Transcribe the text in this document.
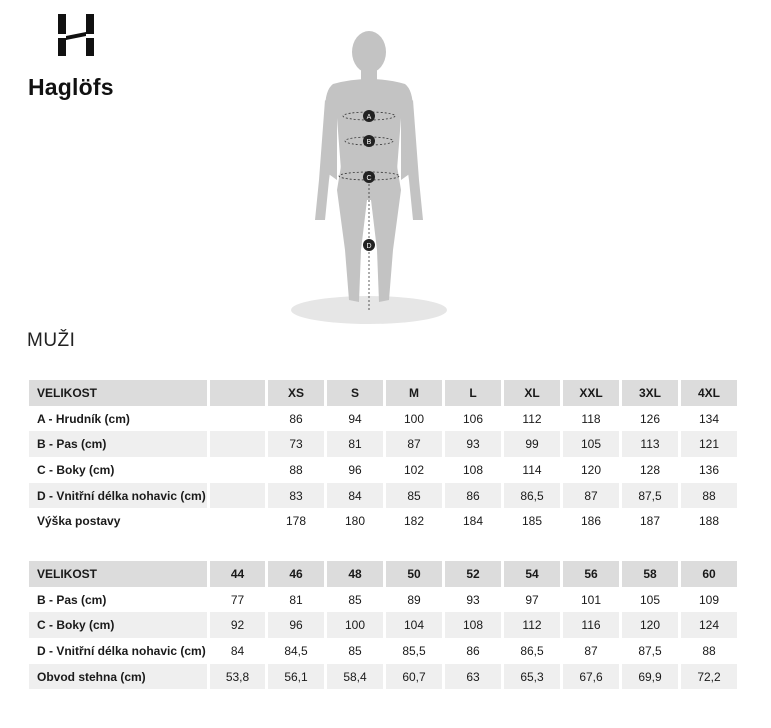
Haglöfs
A
B
C
D
MUŽI
VELIKOST		XS	S	M	L	XL	XXL	3XL	4XL
A - Hrudník (cm)		86	94	100	106	112	118	126	134
B - Pas (cm)		73	81	87	93	99	105	113	121
C - Boky (cm)		88	96	102	108	114	120	128	136
D - Vnitřní délka nohavic (cm)		83	84	85	86	86,5	87	87,5	88
Výška postavy		178	180	182	184	185	186	187	188
VELIKOST	44	46	48	50	52	54	56	58	60
B - Pas (cm)	77	81	85	89	93	97	101	105	109
C - Boky (cm)	92	96	100	104	108	112	116	120	124
D - Vnitřní délka nohavic (cm)	84	84,5	85	85,5	86	86,5	87	87,5	88
Obvod stehna (cm)	53,8	56,1	58,4	60,7	63	65,3	67,6	69,9	72,2
